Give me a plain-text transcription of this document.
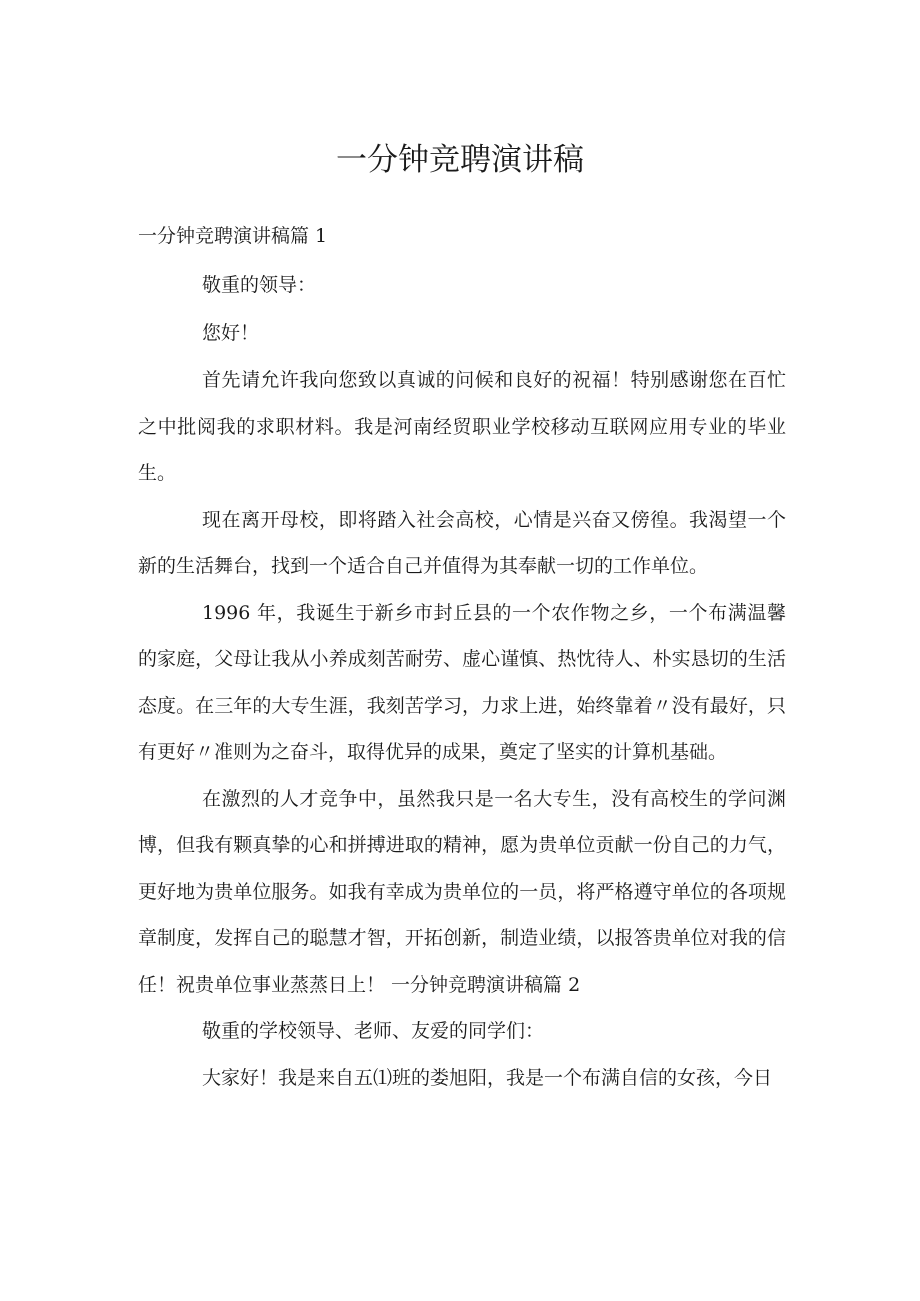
一分钟竞聘演讲稿
一分钟竞聘演讲稿篇 1

敬重的领导：

您好！

首先请允许我向您致以真诚的问候和良好的祝福！特别感谢您在百忙之中批阅我的求职材料。我是河南经贸职业学校移动互联网应用专业的毕业生。

现在离开母校，即将踏入社会高校，心情是兴奋又傍徨。我渴望一个新的生活舞台，找到一个适合自己并值得为其奉献一切的工作单位。

1996 年，我诞生于新乡市封丘县的一个农作物之乡，一个布满温馨的家庭，父母让我从小养成刻苦耐劳、虚心谨慎、热忱待人、朴实恳切的生活态度。在三年的大专生涯，我刻苦学习，力求上进，始终靠着〃没有最好，只有更好〃准则为之奋斗，取得优异的成果，奠定了坚实的计算机基础。

在激烈的人才竞争中，虽然我只是一名大专生，没有高校生的学问渊博，但我有颗真挚的心和拼搏进取的精神，愿为贵单位贡献一份自己的力气，更好地为贵单位服务。如我有幸成为贵单位的一员，将严格遵守单位的各项规章制度，发挥自己的聪慧才智，开拓创新，制造业绩，以报答贵单位对我的信任！祝贵单位事业蒸蒸日上！ 一分钟竞聘演讲稿篇 2

敬重的学校领导、老师、友爱的同学们：

大家好！我是来自五⑴班的娄旭阳，我是一个布满自信的女孩，今日
